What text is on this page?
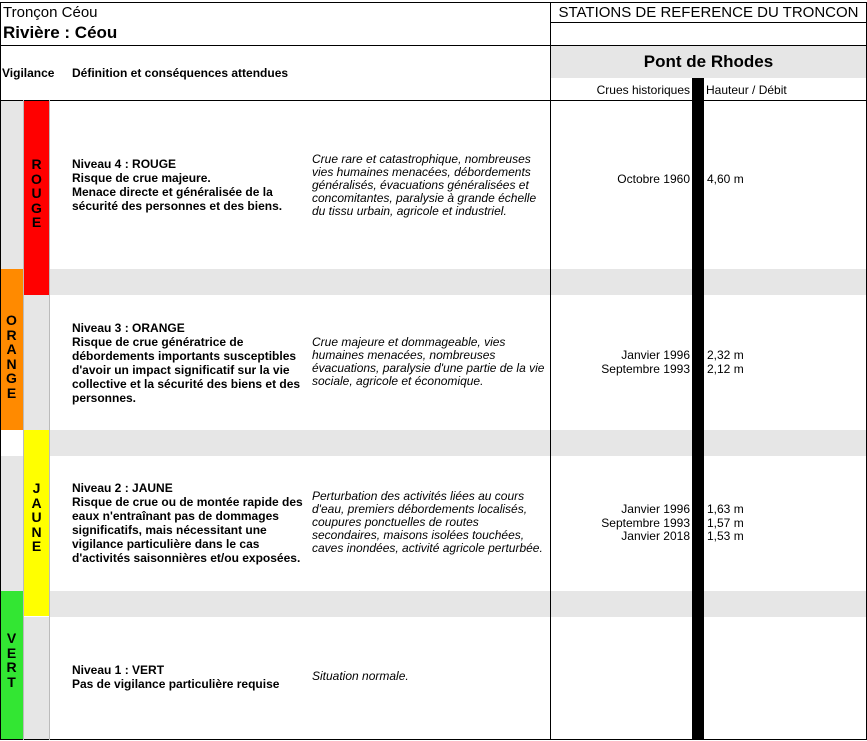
Tronçon Céou
Rivière : Céou
STATIONS DE REFERENCE DU TRONCON
Vigilance Définition et conséquences attendues
Pont de Rhodes
Crues historiques Hauteur / Débit
R
O
U
G
E
O
R
A
N
G
E
J
A
U
N
E
V
E
R
T
Niveau 4 : ROUGE
Risque de crue majeure.
Menace directe et généralisée de la sécurité des personnes et des biens.
Crue rare et catastrophique, nombreuses vies humaines menacées, débordements généralisés, évacuations généralisées et concomitantes, paralysie à grande échelle du tissu urbain, agricole et industriel.
Octobre 1960 4,60 m
Niveau 3 : ORANGE
Risque de crue génératrice de débordements importants susceptibles d'avoir un impact significatif sur la vie collective et la sécurité des biens et des personnes.
Crue majeure et dommageable, vies humaines menacées, nombreuses évacuations, paralysie d'une partie de la vie sociale, agricole et économique.
Janvier 1996
Septembre 1993
2,32 m
2,12 m
Niveau 2 : JAUNE
Risque de crue ou de montée rapide des eaux n'entraînant pas de dommages significatifs, mais nécessitant une vigilance particulière dans le cas d'activités saisonnières et/ou exposées.
Perturbation des activités liées au cours d'eau, premiers débordements localisés, coupures ponctuelles de routes secondaires, maisons isolées touchées, caves inondées, activité agricole perturbée.
Janvier 1996
Septembre 1993
Janvier 2018
1,63 m
1,57 m
1,53 m
Niveau 1 : VERT
Pas de vigilance particulière requise
Situation normale.
